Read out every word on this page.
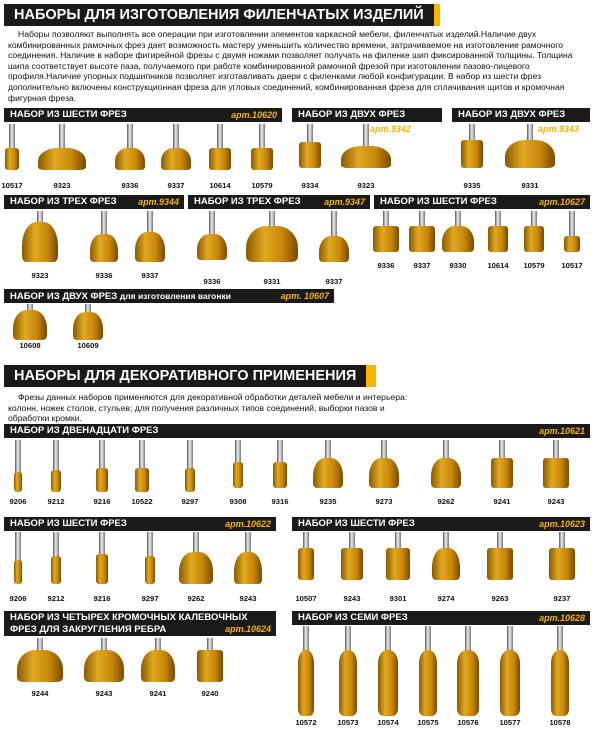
НАБОРЫ ДЛЯ ИЗГОТОВЛЕНИЯ ФИЛЕНЧАТЫХ ИЗДЕЛИЙ
Наборы позволяют выполнять все операции при изготовлении элементов каркасной мебели, филенчатых изделий.Наличие двух комбинированных рамочных фрез дает возможность мастеру уменьшить количество времени, затрачиваемое на изготовление рамочного соединения. Наличие в наборе фигирейной фрезы с двумя ножами позволяет получать на филенке шип фиксированной толщины. Толщина шипа соответствует высоте паза, получаемого при работе комбинированной рамочной фрезой при изготовлении пазово-лицевого профиля.Наличие упорных подшипников позволяет изготавливать двери с филенками любой конфигурации. В набор из шести фрез дополнительно включены конструкционная фреза для угловых соединений, комбинированная фреза для сплачивания щитов и кромочная фигурная фреза.
НАБОР ИЗ ШЕСТИ ФРЕЗ	арт.10620	НАБОР ИЗ ДВУХ ФРЕЗ
арт.9342
НАБОР ИЗ ДВУХ ФРЕЗ
арт.9343
НАБОР ИЗ ТРЕХ ФРЕЗ арт.9344	НАБОР ИЗ ТРЕХ ФРЕЗ	арт.9347	НАБОР ИЗ ШЕСТИ ФРЕЗ	арт.10627
НАБОР ИЗ ДВУХ ФРЕЗ для изготовления вагонки	арт. 10607
НАБОРЫ ДЛЯ ДЕКОРАТИВНОГО ПРИМЕНЕНИЯ
Фрезы данных наборов применяются для декоративной обработки деталей мебели и интерьера: колонн, ножек столов, стульев; для получения различных типов соединений, выборки пазов и обработки кромки.
НАБОР ИЗ ДВЕНАДЦАТИ ФРЕЗ	арт.10621
НАБОР ИЗ ШЕСТИ ФРЕЗ	арт.10622	НАБОР ИЗ ШЕСТИ ФРЕЗ	арт.10623
НАБОР ИЗ ЧЕТЫРЕХ КРОМОЧНЫХ КАЛЕВОЧНЫХ
ФРЕЗ ДЛЯ ЗАКРУГЛЕНИЯ РЕБРА	арт.10624
НАБОР ИЗ СЕМИ ФРЕЗ	арт.10628
10517	9323	9336	9337	10614	10579	9334	9323	9335	9331
9323	9336	9337
9336	9331	9337
9336	9337	9330	10614	10579	10517
10608	10609
9206	9212	9216	10522	9297	9308	9316	9235	9273	9262	9241	9243
9206	9212	9216	9297	9262	9243	10507	9243	9301	9274	9263	9237
9244	9243	9241	9240
10572	10573	10574	10575	10576	10577	10578
